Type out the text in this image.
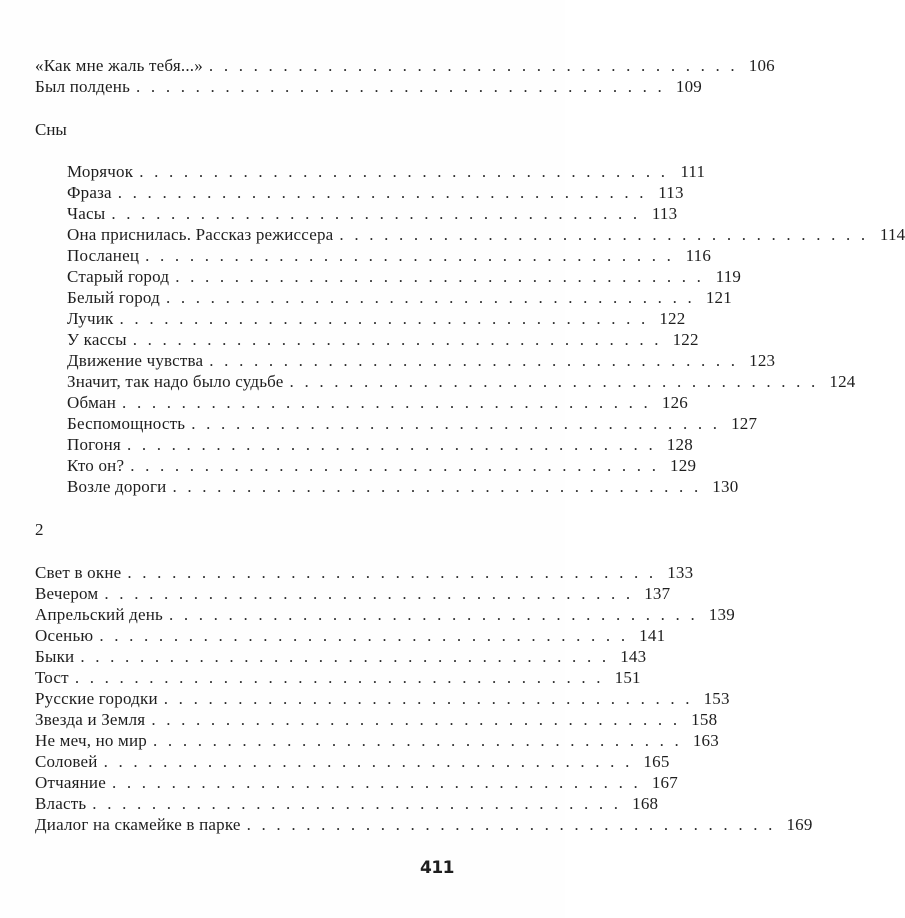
«Как мне жаль тебя...» . . . . . . . . . . . . . . . . . . . . . . . . . . . . . . . . . . . . 106
Был полдень . . . . . . . . . . . . . . . . . . . . . . . . . . . . . . . . . . . . 109
Сны
Морячок . . . . . . . . . . . . . . . . . . . . . . . . . . . . . . . . . . . . 111
Фраза . . . . . . . . . . . . . . . . . . . . . . . . . . . . . . . . . . . . 113
Часы . . . . . . . . . . . . . . . . . . . . . . . . . . . . . . . . . . . . 113
Она приснилась. Рассказ режиссера . . . . . . . . . . . . . . . . . . . . . . . . . . . . . . . . . . . . 114
Посланец . . . . . . . . . . . . . . . . . . . . . . . . . . . . . . . . . . . . 116
Старый город . . . . . . . . . . . . . . . . . . . . . . . . . . . . . . . . . . . . 119
Белый город . . . . . . . . . . . . . . . . . . . . . . . . . . . . . . . . . . . . 121
Лучик . . . . . . . . . . . . . . . . . . . . . . . . . . . . . . . . . . . . 122
У кассы . . . . . . . . . . . . . . . . . . . . . . . . . . . . . . . . . . . . 122
Движение чувства . . . . . . . . . . . . . . . . . . . . . . . . . . . . . . . . . . . . 123
Значит, так надо было судьбе . . . . . . . . . . . . . . . . . . . . . . . . . . . . . . . . . . . . 124
Обман . . . . . . . . . . . . . . . . . . . . . . . . . . . . . . . . . . . . 126
Беспомощность . . . . . . . . . . . . . . . . . . . . . . . . . . . . . . . . . . . . 127
Погоня . . . . . . . . . . . . . . . . . . . . . . . . . . . . . . . . . . . . 128
Кто он? . . . . . . . . . . . . . . . . . . . . . . . . . . . . . . . . . . . . 129
Возле дороги . . . . . . . . . . . . . . . . . . . . . . . . . . . . . . . . . . . . 130
2
Свет в окне . . . . . . . . . . . . . . . . . . . . . . . . . . . . . . . . . . . . 133
Вечером . . . . . . . . . . . . . . . . . . . . . . . . . . . . . . . . . . . . 137
Апрельский день . . . . . . . . . . . . . . . . . . . . . . . . . . . . . . . . . . . . 139
Осенью . . . . . . . . . . . . . . . . . . . . . . . . . . . . . . . . . . . . 141
Быки . . . . . . . . . . . . . . . . . . . . . . . . . . . . . . . . . . . . 143
Тост . . . . . . . . . . . . . . . . . . . . . . . . . . . . . . . . . . . . 151
Русские городки . . . . . . . . . . . . . . . . . . . . . . . . . . . . . . . . . . . . 153
Звезда и Земля . . . . . . . . . . . . . . . . . . . . . . . . . . . . . . . . . . . . 158
Не меч, но мир . . . . . . . . . . . . . . . . . . . . . . . . . . . . . . . . . . . . 163
Соловей . . . . . . . . . . . . . . . . . . . . . . . . . . . . . . . . . . . . 165
Отчаяние . . . . . . . . . . . . . . . . . . . . . . . . . . . . . . . . . . . . 167
Власть . . . . . . . . . . . . . . . . . . . . . . . . . . . . . . . . . . . . 168
Диалог на скамейке в парке . . . . . . . . . . . . . . . . . . . . . . . . . . . . . . . . . . . . 169
411
